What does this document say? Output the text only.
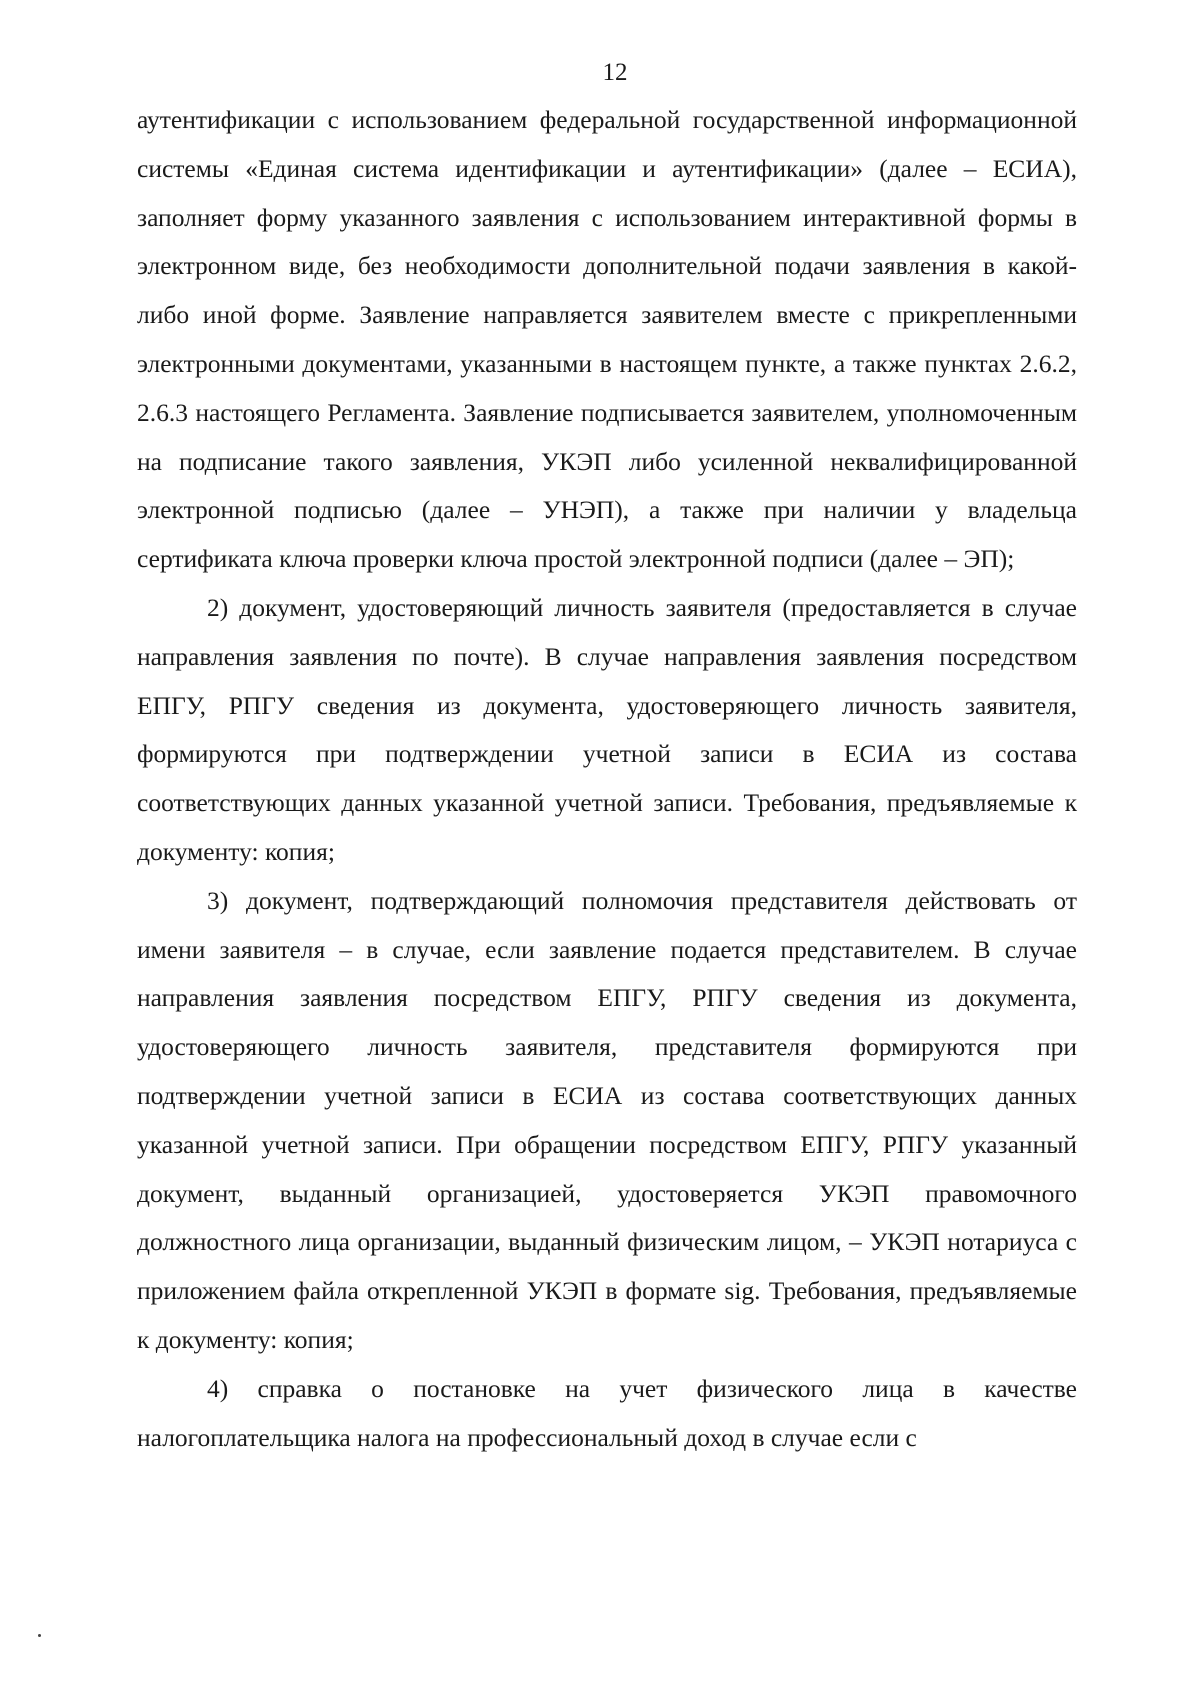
12

аутентификации с использованием федеральной государственной информационной системы «Единая система идентификации и аутентификации» (далее – ЕСИА), заполняет форму указанного заявления с использованием интерактивной формы в электронном виде, без необходимости дополнительной подачи заявления в какой-либо иной форме. Заявление направляется заявителем вместе с прикрепленными электронными документами, указанными в настоящем пункте, а также пунктах 2.6.2, 2.6.3 настоящего Регламента. Заявление подписывается заявителем, уполномоченным на подписание такого заявления, УКЭП либо усиленной неквалифицированной электронной подписью (далее – УНЭП), а также при наличии у владельца сертификата ключа проверки ключа простой электронной подписи (далее – ЭП);

2) документ, удостоверяющий личность заявителя (предоставляется в случае направления заявления по почте). В случае направления заявления посредством ЕПГУ, РПГУ сведения из документа, удостоверяющего личность заявителя, формируются при подтверждении учетной записи в ЕСИА из состава соответствующих данных указанной учетной записи. Требования, предъявляемые к документу: копия;

3) документ, подтверждающий полномочия представителя действовать от имени заявителя – в случае, если заявление подается представителем. В случае направления заявления посредством ЕПГУ, РПГУ сведения из документа, удостоверяющего личность заявителя, представителя формируются при подтверждении учетной записи в ЕСИА из состава соответствующих данных указанной учетной записи. При обращении посредством ЕПГУ, РПГУ указанный документ, выданный организацией, удостоверяется УКЭП правомочного должностного лица организации, выданный физическим лицом, – УКЭП нотариуса с приложением файла открепленной УКЭП в формате sig. Требования, предъявляемые к документу: копия;

4) справка о постановке на учет физического лица в качестве налогоплательщика налога на профессиональный доход в случае если с
